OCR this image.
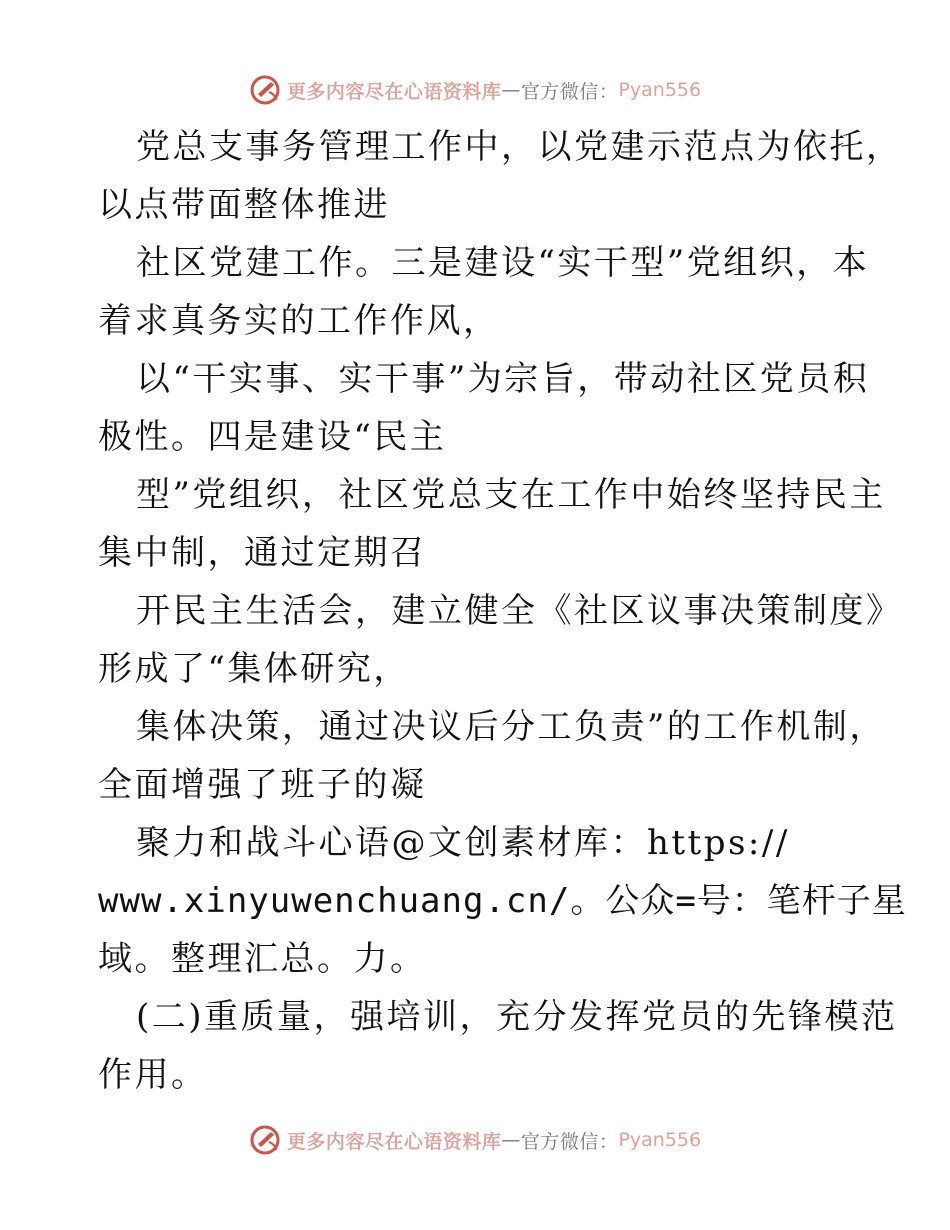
更多内容尽在心语资料库 — 官方微信： Pyan556
党总支事务管理工作中，以党建示范点为依托，
以点带面整体推进
社区党建工作。三是建设“实干型”党组织，本
着求真务实的工作作风，
以“干实事、实干事”为宗旨，带动社区党员积
极性。四是建设“民主
型”党组织，社区党总支在工作中始终坚持民主
集中制，通过定期召
开民主生活会，建立健全《社区议事决策制度》
形成了“集体研究，
集体决策，通过决议后分工负责”的工作机制，
全面增强了班子的凝
聚力和战斗心语@文创素材库：https://
www.xinyuwenchuang.cn/。公众=号：笔杆子星
域。整理汇总。力。
(二)重质量，强培训，充分发挥党员的先锋模范
作用。
更多内容尽在心语资料库 — 官方微信： Pyan556
